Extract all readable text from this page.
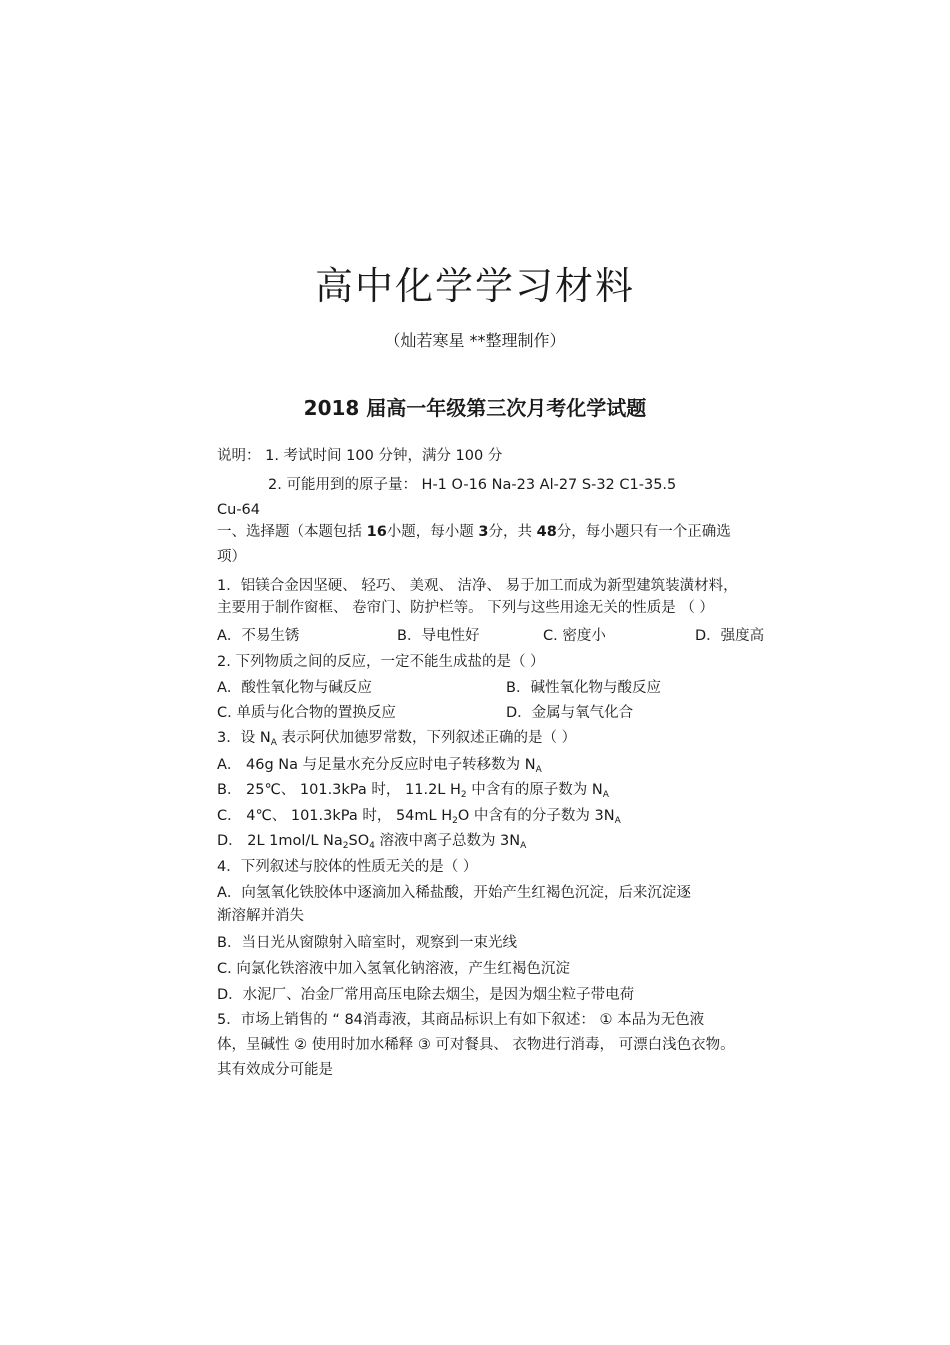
高中化学学习材料
（灿若寒星 **整理制作）
2018 届高一年级第三次月考化学试题
说明： 1. 考试时间 100 分钟，满分 100 分
2. 可能用到的原子量： H-1 O-16 Na-23 Al-27 S-32 C1-35.5
Cu-64
一、选择题（本题包括 16小题，每小题 3分，共 48分，每小题只有一个正确选
项）
1．铝镁合金因坚硬、 轻巧、 美观、 洁净、 易于加工而成为新型建筑装潢材料，
主要用于制作窗框、 卷帘门、防护栏等。 下列与这些用途无关的性质是 （ ）
A．不易生锈	B．导电性好	C. 密度小	D．强度高
2. 下列物质之间的反应，一定不能生成盐的是（ ）
A．酸性氧化物与碱反应	B．碱性氧化物与酸反应
C. 单质与化合物的置换反应	D．金属与氧气化合
3．设 $N_A$ 表示阿伏加德罗常数，下列叙述正确的是（ ）
A． 46g Na 与足量水充分反应时电子转移数为 $N_A$
B． 25℃、 101.3kPa 时， 11.2L $H_2$ 中含有的原子数为 $N_A$
C． 4℃、 101.3kPa 时， 54mL $H_2O$ 中含有的分子数为 $3N_A$
D． 2L 1mol/L $Na_2SO_4$ 溶液中离子总数为 $3N_A$
4．下列叙述与胶体的性质无关的是（ ）
A．向氢氧化铁胶体中逐滴加入稀盐酸，开始产生红褐色沉淀，后来沉淀逐
渐溶解并消失
B．当日光从窗隙射入暗室时，观察到一束光线
C. 向氯化铁溶液中加入氢氧化钠溶液，产生红褐色沉淀
D．水泥厂、冶金厂常用高压电除去烟尘，是因为烟尘粒子带电荷
5．市场上销售的 “ 84消毒液，其商品标识上有如下叙述： ① 本品为无色液
体，呈碱性 ② 使用时加水稀释 ③ 可对餐具、 衣物进行消毒， 可漂白浅色衣物。
其有效成分可能是
